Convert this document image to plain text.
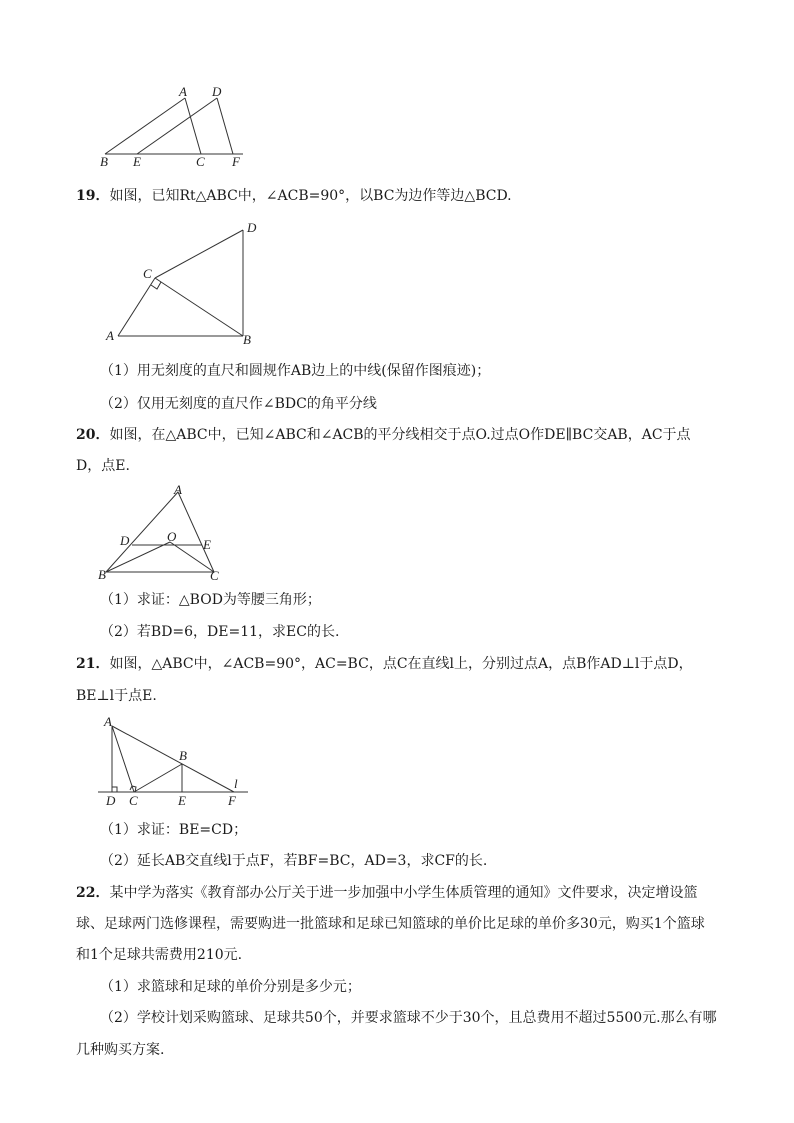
A D
B E	C F
19．如图，已知Rt△ABC中，∠ACB=90°，以BC为边作等边△BCD.
D
C
A	B
（1）用无刻度的直尺和圆规作AB边上的中线(保留作图痕迹)；
（2）仅用无刻度的直尺作∠BDC的角平分线
20．如图，在△ABC中，已知∠ABC和∠ACB的平分线相交于点O.过点O作DE∥BC交AB，AC于点
D，点E.
A
D	O
E
B	C
（1）求证：△BOD为等腰三角形；
（2）若BD=6，DE=11，求EC的长.
21．如图，△ABC中，∠ACB=90°，AC=BC，点C在直线l上，分别过点A，点B作AD⊥l于点D，
BE⊥l于点E.
A
B
l
D C	E	F
（1）求证：BE=CD；
（2）延长AB交直线l于点F，若BF=BC，AD=3，求CF的长.
22．某中学为落实《教育部办公厅关于进一步加强中小学生体质管理的通知》文件要求，决定增设篮
球、足球两门选修课程，需要购进一批篮球和足球已知篮球的单价比足球的单价多30元，购买1个篮球
和1个足球共需费用210元.
（1）求篮球和足球的单价分别是多少元；
（2）学校计划采购篮球、足球共50个，并要求篮球不少于30个，且总费用不超过5500元.那么有哪
几种购买方案.
